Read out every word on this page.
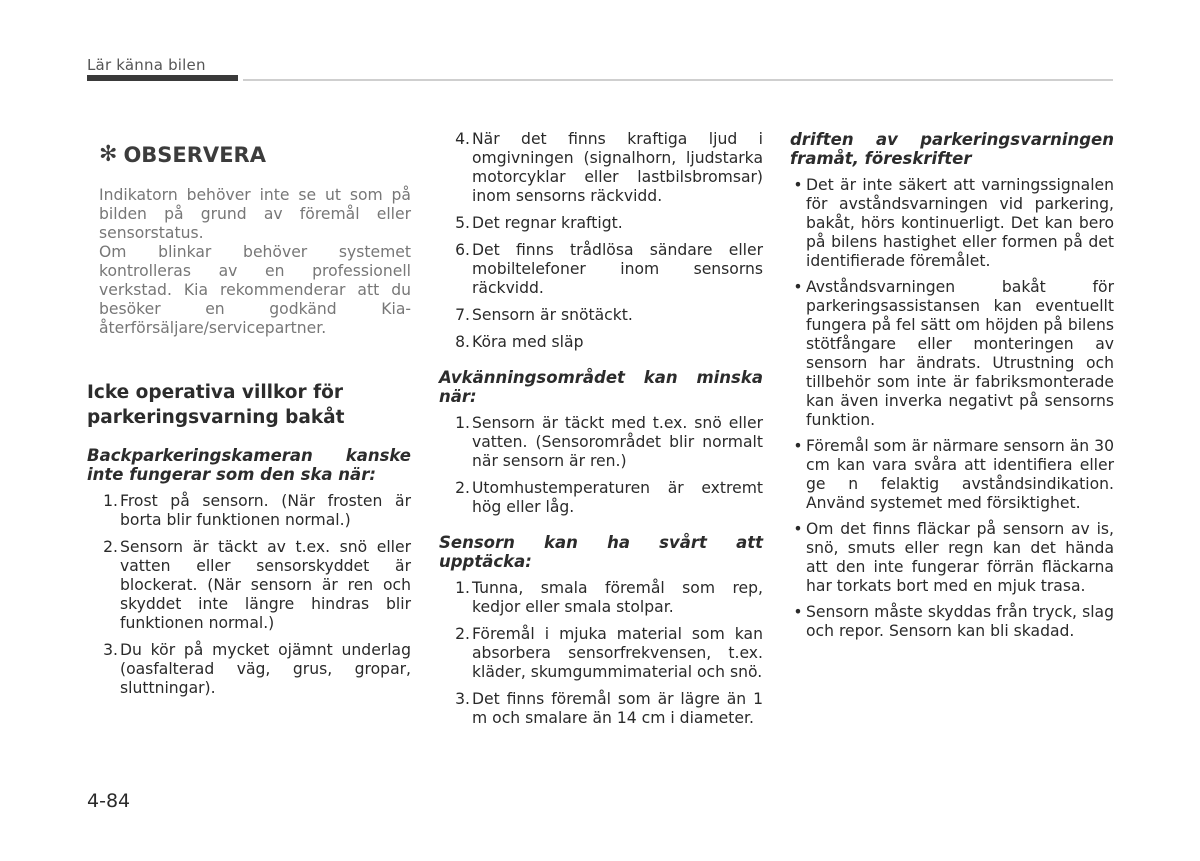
Lär känna bilen
✻ OBSERVERA

Indikatorn behöver inte se ut som på bilden på grund av föremål eller sensorstatus.

Om blinkar behöver systemet kontrolleras av en professionell verkstad. Kia rekommenderar att du besöker en godkänd Kia-återförsäljare/servicepartner.

Icke operativa villkor för parkeringsvarning bakåt
Backparkeringskameran kanske inte fungerar som den ska när:
1. Frost på sensorn. (När frosten är borta blir funktionen normal.)
2. Sensorn är täckt av t.ex. snö eller vatten eller sensorskyddet är blockerat. (När sensorn är ren och skyddet inte längre hindras blir funktionen normal.)
3. Du kör på mycket ojämnt underlag (oasfalterad väg, grus, gropar, sluttningar).
4. När det finns kraftiga ljud i omgivningen (signalhorn, ljudstarka motorcyklar eller lastbilsbromsar) inom sensorns räckvidd.
5. Det regnar kraftigt.
6. Det finns trådlösa sändare eller mobiltelefoner inom sensorns räckvidd.
7. Sensorn är snötäckt.
8. Köra med släp
Avkänningsområdet kan minska när:
1. Sensorn är täckt med t.ex. snö eller vatten. (Sensorområdet blir normalt när sensorn är ren.)
2. Utomhustemperaturen är extremt hög eller låg.
Sensorn kan ha svårt att upptäcka:
1. Tunna, smala föremål som rep, kedjor eller smala stolpar.
2. Föremål i mjuka material som kan absorbera sensorfrekvensen, t.ex. kläder, skumgummimaterial och snö.
3. Det finns föremål som är lägre än 1 m och smalare än 14 cm i diameter.
driften av parkeringsvarningen framåt, föreskrifter
• Det är inte säkert att varningssignalen för avståndsvarningen vid parkering, bakåt, hörs kontinuerligt. Det kan bero på bilens hastighet eller formen på det identifierade föremålet.
• Avståndsvarningen bakåt för parkeringsassistansen kan eventuellt fungera på fel sätt om höjden på bilens stötfångare eller monteringen av sensorn har ändrats. Utrustning och tillbehör som inte är fabriksmonterade kan även inverka negativt på sensorns funktion.
• Föremål som är närmare sensorn än 30 cm kan vara svåra att identifiera eller ge n felaktig avståndsindikation. Använd systemet med försiktighet.
• Om det finns fläckar på sensorn av is, snö, smuts eller regn kan det hända att den inte fungerar förrän fläckarna har torkats bort med en mjuk trasa.
• Sensorn måste skyddas från tryck, slag och repor. Sensorn kan bli skadad.
4-84
